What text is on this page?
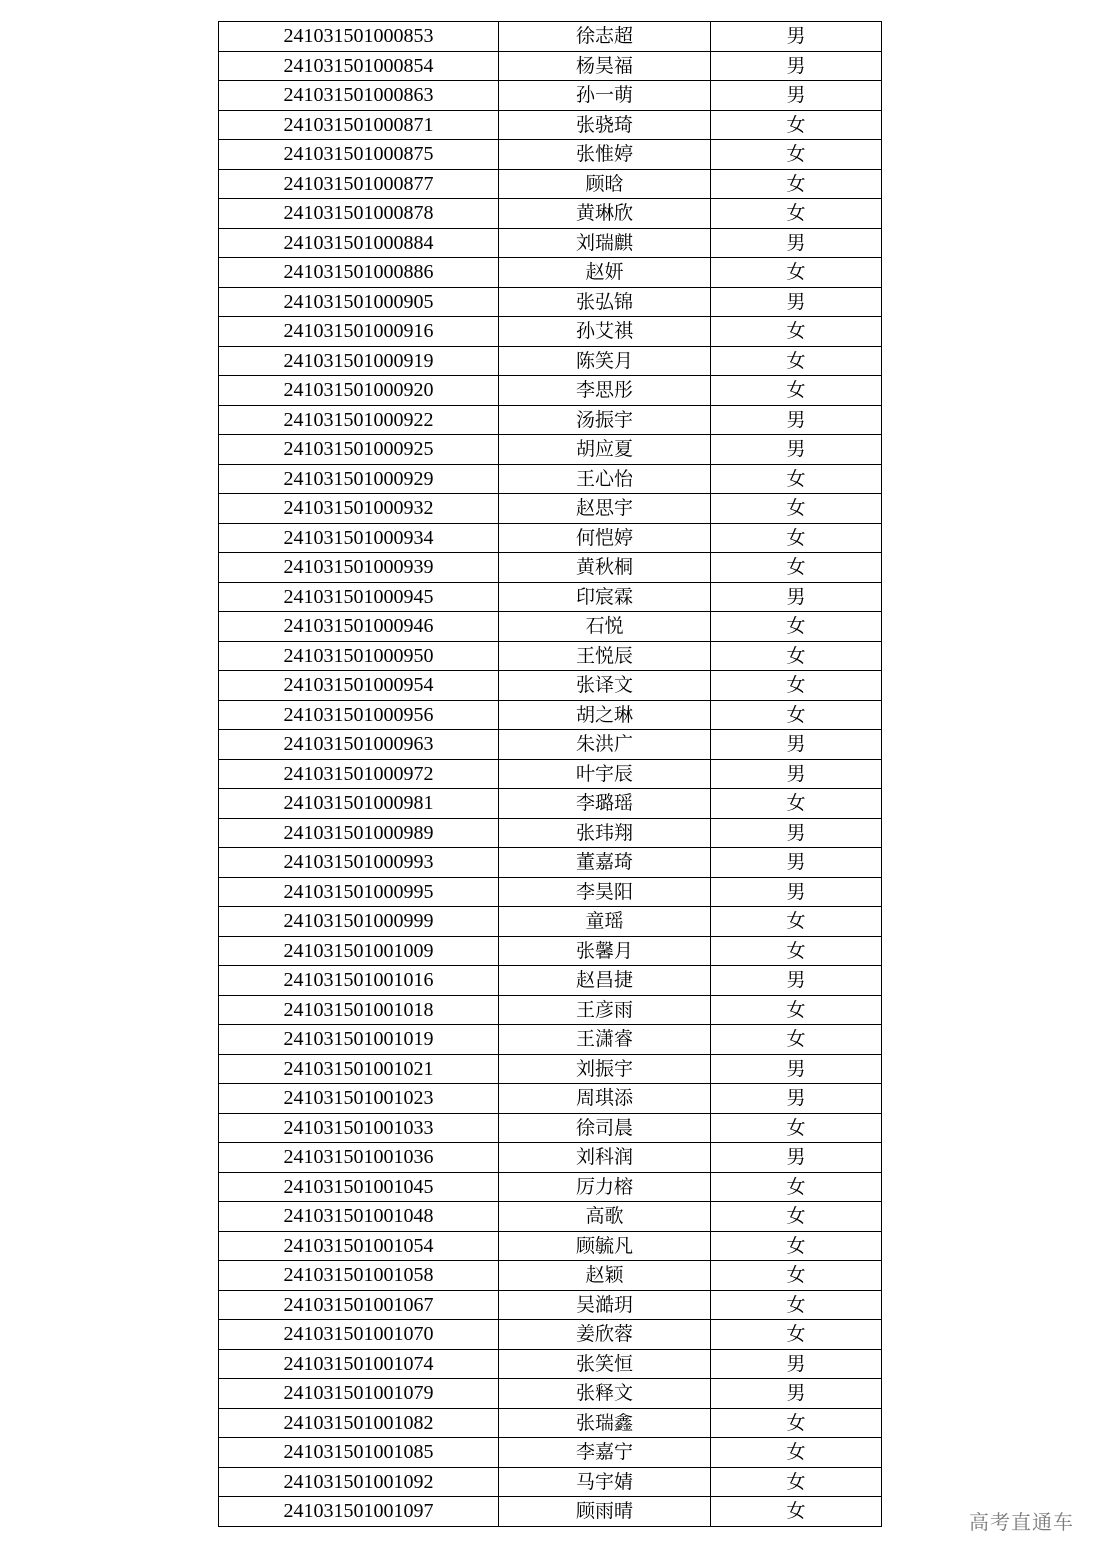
241031501000853	徐志超	男
241031501000854	杨昊福	男
241031501000863	孙一萌	男
241031501000871	张骁琦	女
241031501000875	张惟婷	女
241031501000877	顾晗	女
241031501000878	黄琳欣	女
241031501000884	刘瑞麒	男
241031501000886	赵妍	女
241031501000905	张弘锦	男
241031501000916	孙艾祺	女
241031501000919	陈笑月	女
241031501000920	李思彤	女
241031501000922	汤振宇	男
241031501000925	胡应夏	男
241031501000929	王心怡	女
241031501000932	赵思宇	女
241031501000934	何恺婷	女
241031501000939	黄秋桐	女
241031501000945	印宸霖	男
241031501000946	石悦	女
241031501000950	王悦辰	女
241031501000954	张译文	女
241031501000956	胡之琳	女
241031501000963	朱洪广	男
241031501000972	叶宇辰	男
241031501000981	李璐瑶	女
241031501000989	张玮翔	男
241031501000993	董嘉琦	男
241031501000995	李昊阳	男
241031501000999	童瑶	女
241031501001009	张馨月	女
241031501001016	赵昌捷	男
241031501001018	王彦雨	女
241031501001019	王潇睿	女
241031501001021	刘振宇	男
241031501001023	周琪添	男
241031501001033	徐司晨	女
241031501001036	刘科润	男
241031501001045	厉力榕	女
241031501001048	高歌	女
241031501001054	顾毓凡	女
241031501001058	赵颖	女
241031501001067	吴澔玥	女
241031501001070	姜欣蓉	女
241031501001074	张笑恒	男
241031501001079	张释文	男
241031501001082	张瑞鑫	女
241031501001085	李嘉宁	女
241031501001092	马宇婧	女
241031501001097	顾雨晴	女	高考直通车
